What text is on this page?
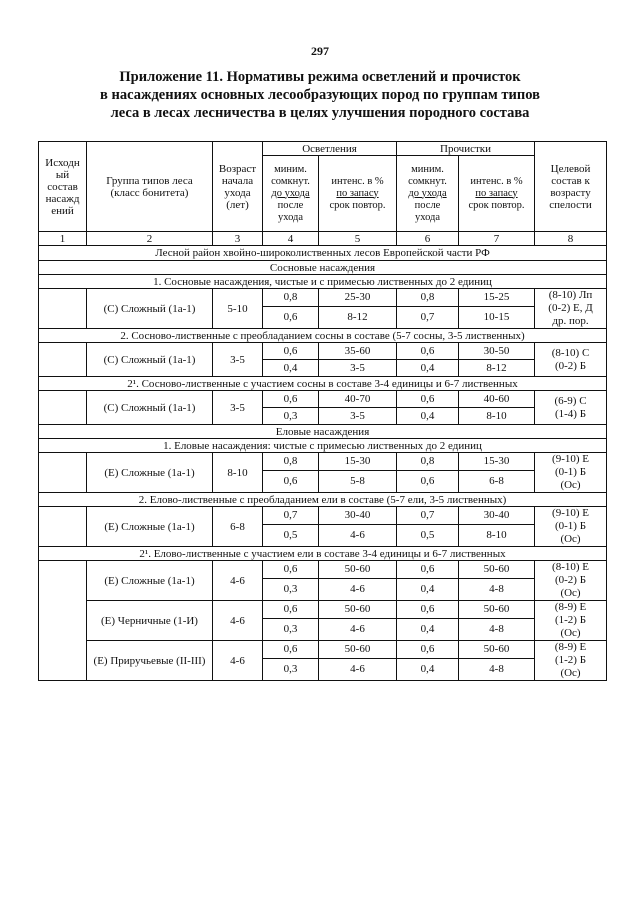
297
Приложение 11. Нормативы режима осветлений и прочисток
в насаждениях основных лесообразующих пород по группам типов
леса в лесах лесничества в целях улучшения породного состава
Исходн
ый
состав
насажд
ений	Группа типов леса
(класс бонитета)	Возраст
начала
ухода
(лет)	Осветления		Прочистки		Целевой
состав к
возрасту
спелости
			миним.
сомкнут.
до ухода
после
ухода	интенс. в %
по запасу
срок повтор.	миним.
сомкнут.
до ухода
после
ухода	интенс. в %
по запасу
срок повтор.	
1	2	3	4	5	6	7	8
Лесной район хвойно-широколиственных лесов Европейской части РФ							
Сосновые насаждения							
1. Сосновые насаждения, чистые и с примесью лиственных до 2 единиц							
	(С) Сложный (1а-1)	5-10	0,8	25-30	0,8	15-25	(8-10) Лп
(0-2) Е, Д
др. пор.
			0,6	8-12	0,7	10-15	
2. Сосново-лиственные с преобладанием сосны в составе (5-7 сосны, 3-5 лиственных)							
	(С) Сложный (1а-1)	3-5	0,6	35-60	0,6	30-50	(8-10) С
(0-2) Б
			0,4	3-5	0,4	8-12	
2¹. Сосново-лиственные с участием сосны в составе 3-4 единицы и 6-7 лиственных							
	(С) Сложный (1а-1)	3-5	0,6	40-70	0,6	40-60	(6-9) С
(1-4) Б
			0,3	3-5	0,4	8-10	
Еловые насаждения							
1. Еловые насаждения: чистые с примесью лиственных до 2 единиц							
	(Е) Сложные (1а-1)	8-10	0,8	15-30	0,8	15-30	(9-10) Е
(0-1) Б
(Ос)
			0,6	5-8	0,6	6-8	
2. Елово-лиственные с преобладанием ели в составе (5-7 ели, 3-5 лиственных)							
	(Е) Сложные (1а-1)	6-8	0,7	30-40	0,7	30-40	(9-10) Е
(0-1) Б
(Ос)
			0,5	4-6	0,5	8-10	
2¹. Елово-лиственные с участием ели в составе 3-4 единицы и 6-7 лиственных							
	(Е) Сложные (1а-1)	4-6	0,6	50-60	0,6	50-60	(8-10) Е
(0-2) Б
(Ос)
			0,3	4-6	0,4	4-8	
	(Е) Черничные (1-И)	4-6	0,6	50-60	0,6	50-60	(8-9) Е
(1-2) Б
(Ос)
			0,3	4-6	0,4	4-8	
	(Е) Приручьевые (II-III)	4-6	0,6	50-60	0,6	50-60	(8-9) Е
(1-2) Б
(Ос)
			0,3	4-6	0,4	4-8	
